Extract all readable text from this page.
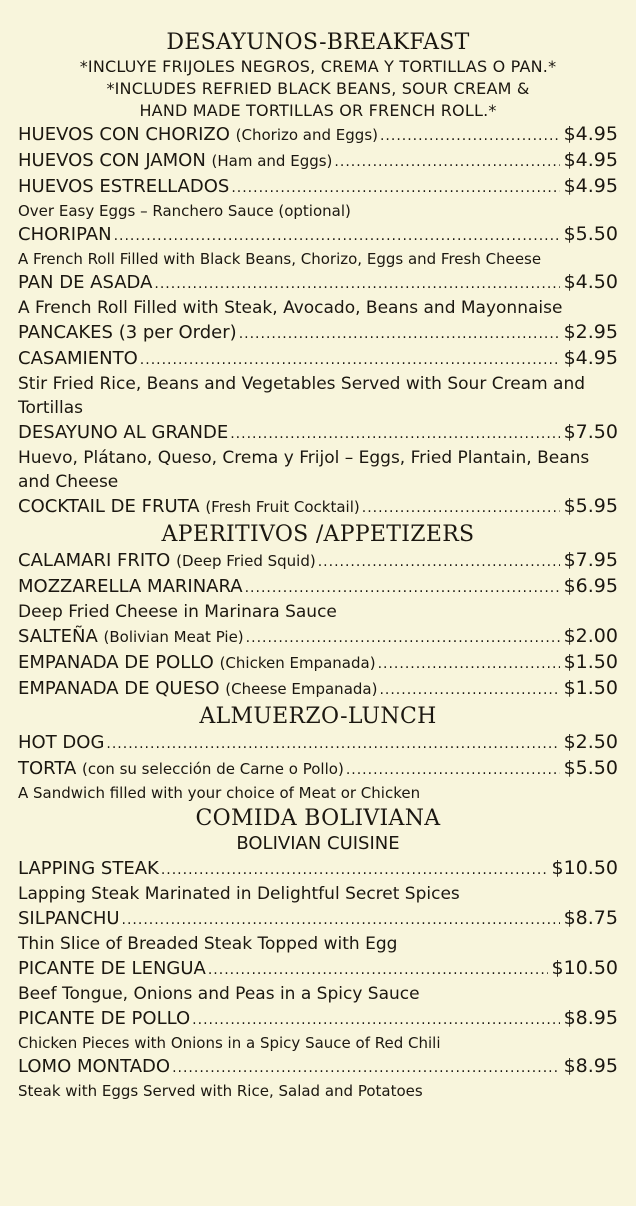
DESAYUNOS-BREAKFAST
*INCLUYE FRIJOLES NEGROS, CREMA Y TORTILLAS O PAN.*
*INCLUDES REFRIED BLACK BEANS, SOUR CREAM &
HAND MADE TORTILLAS OR FRENCH ROLL.*
HUEVOS CON CHORIZO (Chorizo and Eggs) .....	$4.95
HUEVOS CON JAMON (Ham and Eggs) .....	$4.95
HUEVOS ESTRELLADOS .....	$4.95
Over Easy Eggs – Ranchero Sauce (optional)
CHORIPAN .....	$5.50
A French Roll Filled with Black Beans, Chorizo, Eggs and Fresh Cheese
PAN DE ASADA .....	$4.50
A French Roll Filled with Steak, Avocado, Beans and Mayonnaise
PANCAKES (3 per Order) .....	$2.95
CASAMIENTO .....	$4.95
Stir Fried Rice, Beans and Vegetables Served with Sour Cream and Tortillas
DESAYUNO AL GRANDE .....	$7.50
Huevo, Plátano, Queso, Crema y Frijol – Eggs, Fried Plantain, Beans and Cheese
COCKTAIL DE FRUTA (Fresh Fruit Cocktail) .....	$5.95
APERITIVOS /APPETIZERS
CALAMARI FRITO (Deep Fried Squid) .....	$7.95
MOZZARELLA MARINARA .....	$6.95
Deep Fried Cheese in Marinara Sauce
SALTEÑA (Bolivian Meat Pie) .....	$2.00
EMPANADA DE POLLO (Chicken Empanada) .....	$1.50
EMPANADA DE QUESO (Cheese Empanada) .....	$1.50
ALMUERZO-LUNCH
HOT DOG .....	$2.50
TORTA (con su selección de Carne o Pollo) .....	$5.50
A Sandwich filled with your choice of Meat or Chicken
COMIDA BOLIVIANA
BOLIVIAN CUISINE
LAPPING STEAK .....	$10.50
Lapping Steak Marinated in Delightful Secret Spices
SILPANCHU .....	$8.75
Thin Slice of Breaded Steak Topped with Egg
PICANTE DE LENGUA .....	$10.50
Beef Tongue, Onions and Peas in a Spicy Sauce
PICANTE DE POLLO .....	$8.95
Chicken Pieces with Onions in a Spicy Sauce of Red Chili
LOMO MONTADO .....	$8.95
Steak with Eggs Served with Rice, Salad and Potatoes
